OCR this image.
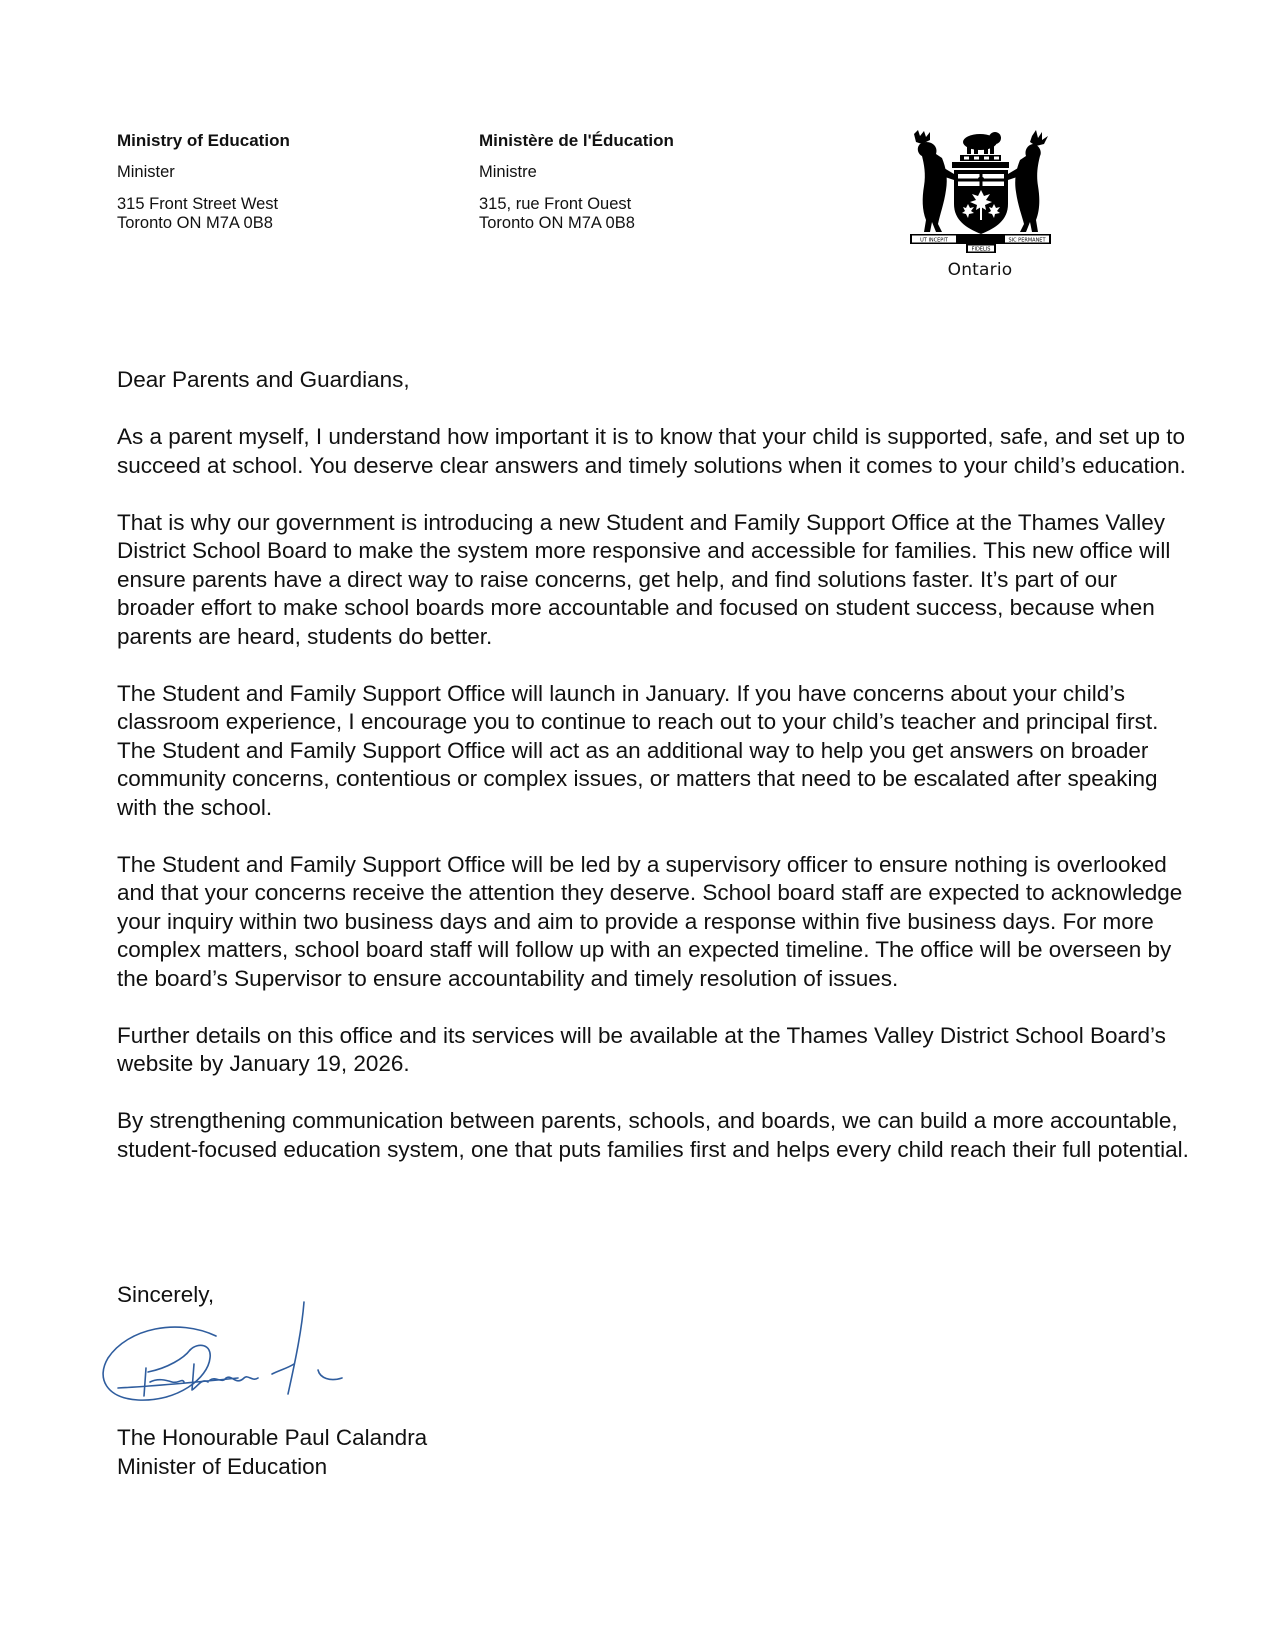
Ministry of Education
Minister
315 Front Street West
Toronto ON M7A 0B8
Ministère de l'Éducation
Ministre
315, rue Front Ouest
Toronto ON M7A 0B8
UT INCEPIT
FIDELIS
SIC PERMANET
Ontario

Dear Parents and Guardians,

As a parent myself, I understand how important it is to know that your child is supported, safe, and set up to succeed at school. You deserve clear answers and timely solutions when it comes to your child’s education.

That is why our government is introducing a new Student and Family Support Office at the Thames Valley District School Board to make the system more responsive and accessible for families. This new office will ensure parents have a direct way to raise concerns, get help, and find solutions faster. It’s part of our broader effort to make school boards more accountable and focused on student success, because when parents are heard, students do better.

The Student and Family Support Office will launch in January. If you have concerns about your child’s classroom experience, I encourage you to continue to reach out to your child’s teacher and principal first. The Student and Family Support Office will act as an additional way to help you get answers on broader community concerns, contentious or complex issues, or matters that need to be escalated after speaking with the school.

The Student and Family Support Office will be led by a supervisory officer to ensure nothing is overlooked and that your concerns receive the attention they deserve. School board staff are expected to acknowledge your inquiry within two business days and aim to provide a response within five business days. For more complex matters, school board staff will follow up with an expected timeline. The office will be overseen by the board’s Supervisor to ensure accountability and timely resolution of issues.

Further details on this office and its services will be available at the Thames Valley District School Board’s website by January 19, 2026.

By strengthening communication between parents, schools, and boards, we can build a more accountable, student-focused education system, one that puts families first and helps every child reach their full potential.

Sincerely,
The Honourable Paul Calandra
Minister of Education
